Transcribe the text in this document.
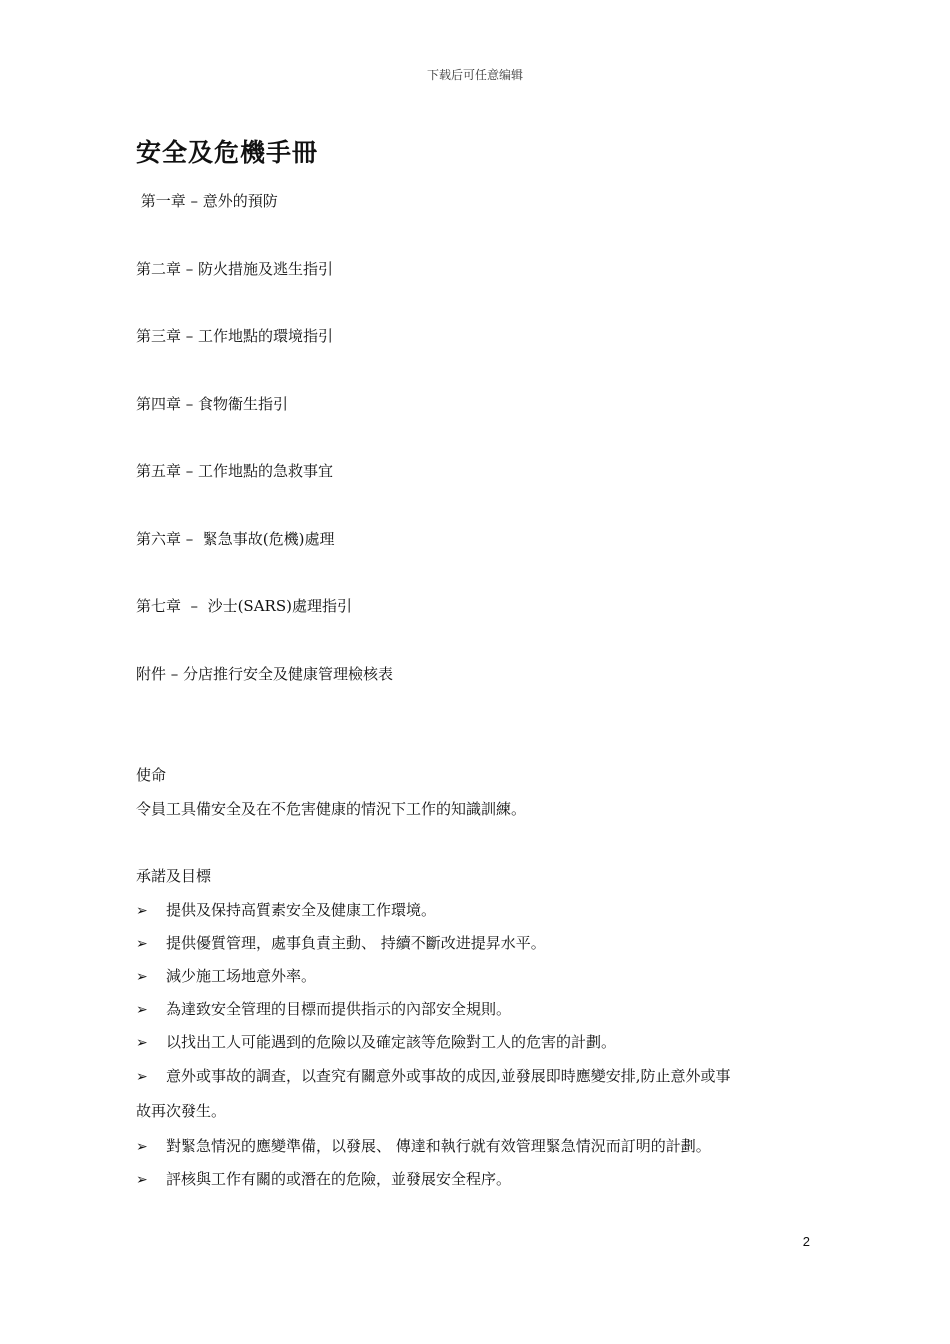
下载后可任意编辑
安全及危機手冊
第一章 – 意外的預防
第二章 – 防火措施及逃生指引
第三章 – 工作地點的環境指引
第四章 – 食物衞生指引
第五章 – 工作地點的急救事宜
第六章 –  緊急事故(危機)處理
第七章  –  沙士(SARS)處理指引
附件 – 分店推行安全及健康管理檢核表
使命
令員工具備安全及在不危害健康的情況下工作的知識訓練。
承諾及目標
➢ 提供及保持高質素安全及健康工作環境。
➢ 提供優質管理，處事負責主動、 持續不斷改进提昇水平。
➢ 減少施工场地意外率。
➢ 為達致安全管理的目標而提供指示的內部安全規則。
➢ 以找出工人可能遇到的危險以及確定該等危險對工人的危害的計劃。
➢ 意外或事故的調查，以查究有關意外或事故的成因,並發展即時應變安排,防止意外或事
故再次發生。
➢ 對緊急情況的應變準備，以發展、 傳達和執行就有效管理緊急情況而訂明的計劃。
➢ 評核與工作有關的或潛在的危險，並發展安全程序。
2
